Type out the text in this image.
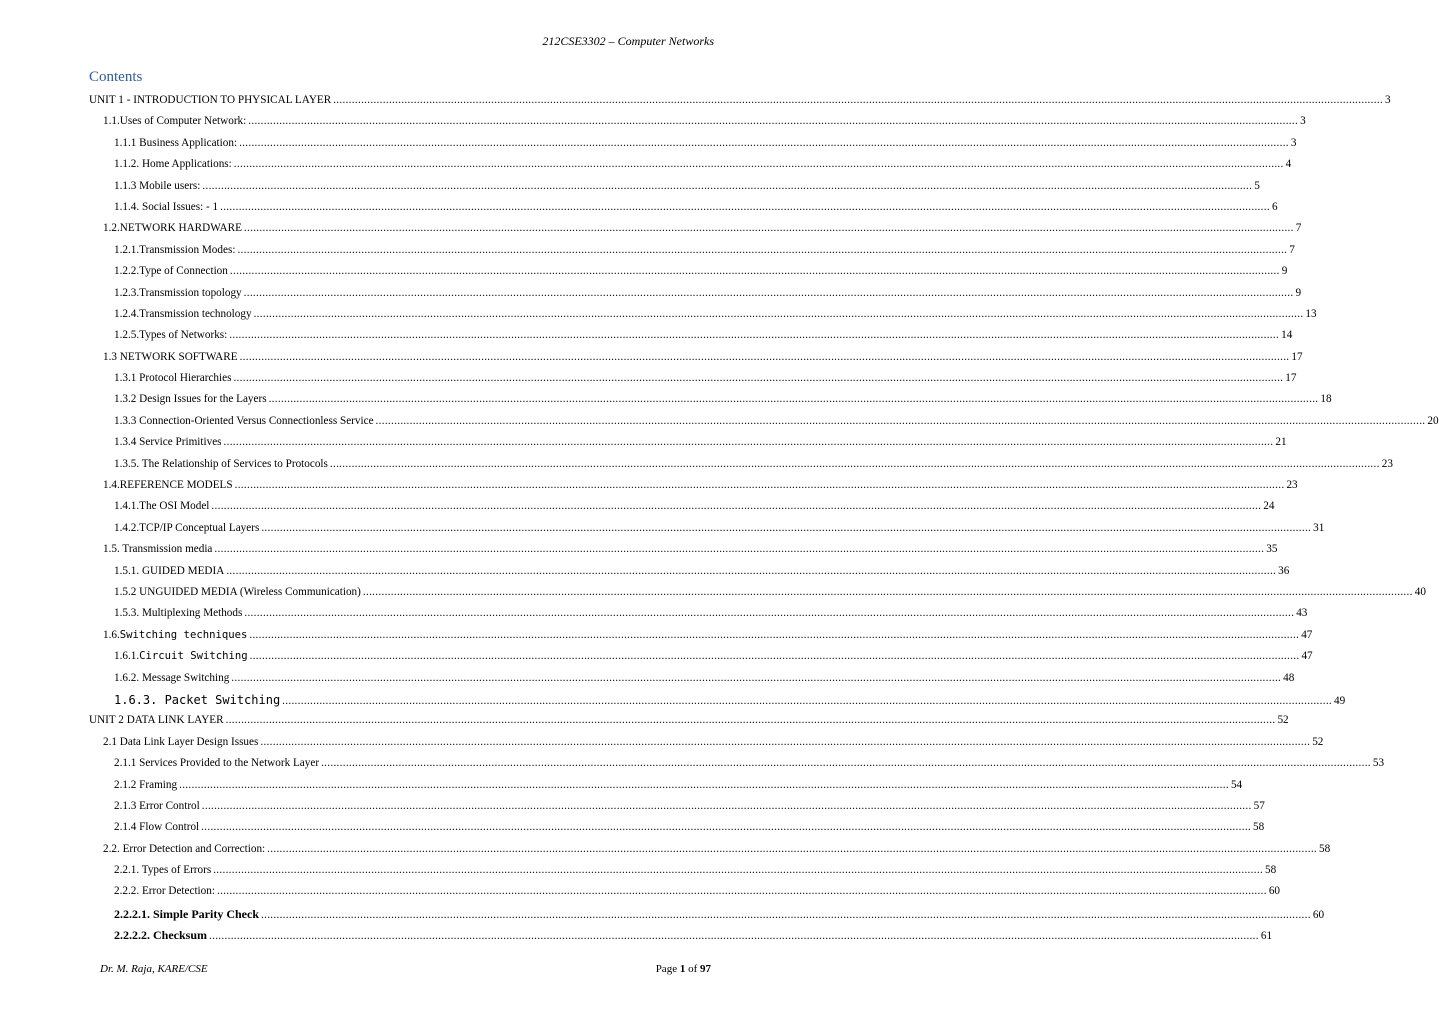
212CSE3302 – Computer Networks
Contents
UNIT 1 - INTRODUCTION TO PHYSICAL LAYER .....	3
1.1. Uses of Computer Network: .....	3
1.1.1 Business Application: .....	3
1.1.2. Home Applications: .....	4
1.1.3 Mobile users: .....	5
1.1.4. Social Issues: - 1 .....	6
1.2. NETWORK HARDWARE .....	7
1.2.1. Transmission Modes: .....	7
1.2.2. Type of Connection .....	9
1.2.3. Transmission topology .....	9
1.2.4. Transmission technology .....	13
1.2.5. Types of Networks: .....	14
1.3 NETWORK SOFTWARE .....	17
1.3.1 Protocol Hierarchies .....	17
1.3.2 Design Issues for the Layers .....	18
1.3.3 Connection-Oriented Versus Connectionless Service .....	20
1.3.4 Service Primitives .....	21
1.3.5. The Relationship of Services to Protocols .....	23
1.4. REFERENCE MODELS .....	23
1.4.1. The OSI Model .....	24
1.4.2. TCP/IP Conceptual Layers .....	31
1.5. Transmission media .....	35
1.5.1. GUIDED MEDIA .....	36
1.5.2 UNGUIDED MEDIA (Wireless Communication) .....	40
1.5.3. Multiplexing Methods .....	43
1.6. Switching techniques .....	47
1.6.1. Circuit Switching .....	47
1.6.2. Message Switching .....	48
1.6.3. Packet Switching .....	49
UNIT 2 DATA LINK LAYER .....	52
2.1 Data Link Layer Design Issues .....	52
2.1.1 Services Provided to the Network Layer .....	53
2.1.2 Framing .....	54
2.1.3 Error Control .....	57
2.1.4 Flow Control .....	58
2.2. Error Detection and Correction: .....	58
2.2.1. Types of Errors .....	58
2.2.2. Error Detection: .....	60
2.2.2.1. Simple Parity Check .....	60
2.2.2.2. Checksum .....	61
Dr. M. Raja, KARE/CSE	Page 1 of 97
